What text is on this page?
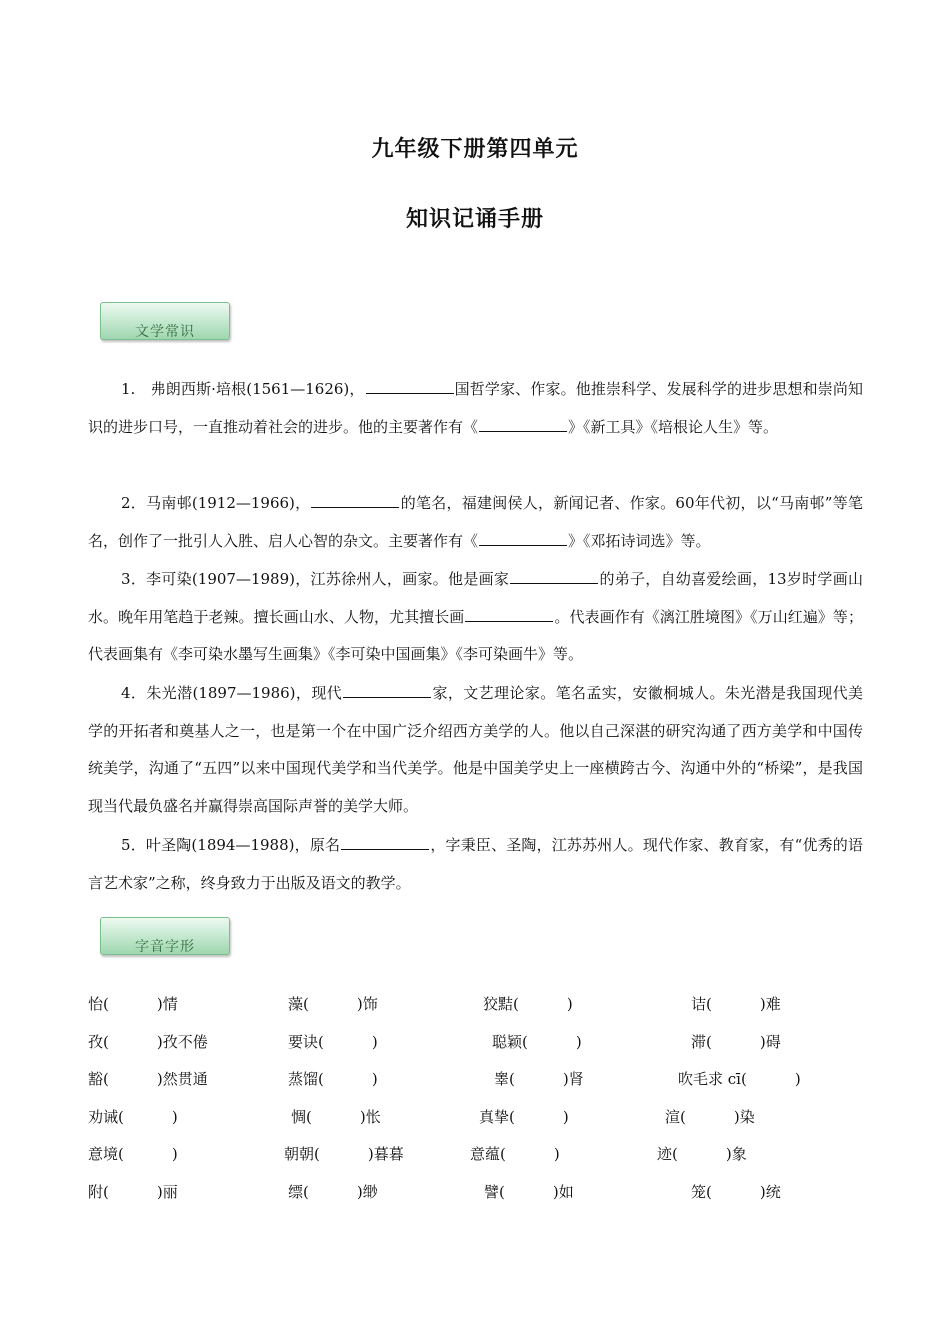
九年级下册第四单元
知识记诵手册
文学常识
1.　弗朗西斯·培根(1561—1626)，	国哲学家、作家。他推崇科学、发展科学的进步思想和崇尚知识的进步口号，一直推动着社会的进步。他的主要著作有《	》《新工具》《培根论人生》等。
2．马南邨(1912—1966)，	的笔名，福建闽侯人，新闻记者、作家。60年代初，以“马南邨”等笔名，创作了一批引人入胜、启人心智的杂文。主要著作有《	》《邓拓诗词选》等。
3．李可染(1907—1989)，江苏徐州人，画家。他是画家	的弟子，自幼喜爱绘画，13岁时学画山水。晚年用笔趋于老辣。擅长画山水、人物，尤其擅长画	。代表画作有《漓江胜境图》《万山红遍》等；代表画集有《李可染水墨写生画集》《李可染中国画集》《李可染画牛》等。
4．朱光潜(1897—1986)，现代	家，文艺理论家。笔名孟实，安徽桐城人。朱光潜是我国现代美学的开拓者和奠基人之一，也是第一个在中国广泛介绍西方美学的人。他以自己深湛的研究沟通了西方美学和中国传统美学，沟通了“五四”以来中国现代美学和当代美学。他是中国美学史上一座横跨古今、沟通中外的“桥梁”，是我国现当代最负盛名并赢得崇高国际声誉的美学大师。
5．叶圣陶(1894—1988)，原名	，字秉臣、圣陶，江苏苏州人。现代作家、教育家，有“优秀的语言艺术家”之称，终身致力于出版及语文的教学。
字音字形
怡(	)情	藻(	)饰	狡黠(	)	诘(	)难
孜(	)孜不倦	要诀(	)	聪颖(	)	滞(	)碍
豁(	)然贯通	蒸馏(	)	睾(	)肾	吹毛求 cī(	)
劝诫(	)	惆(	)怅	真挚(	)	渲(	)染
意境(	)	朝朝(	)暮暮	意蕴(	)	迹(	)象
附(	)丽	缥(	)缈	譬(	)如	笼(	)统
